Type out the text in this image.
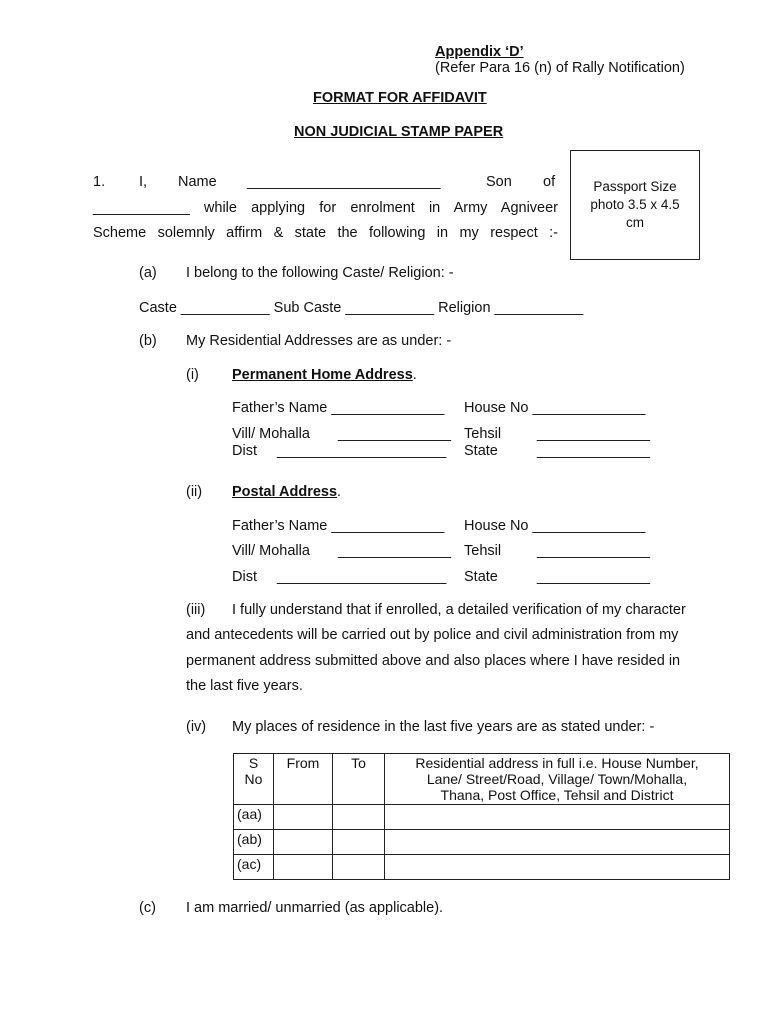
Appendix ‘D’
(Refer Para 16 (n) of Rally Notification)
FORMAT FOR AFFIDAVIT
NON JUDICIAL STAMP PAPER
Passport Size
photo 3.5 x 4.5
cm
1. I, Name ________________________	Son of
____________ while applying for enrolment in Army Agniveer
Scheme solemnly affirm & state the following in my respect :-
(a) I belong to the following Caste/ Religion: -
Caste ___________ Sub Caste ___________ Religion ___________
(b) My Residential Addresses are as under: -
(i) Permanent Home Address.
Father’s Name ______________ House No ______________
Vill/ Mohalla ______________ Tehsil ______________
Dist _____________________ State	______________
(ii) Postal Address.
Father’s Name ______________ House No ______________
Vill/ Mohalla ______________ Tehsil ______________
Dist _____________________ State	______________
(iii) I fully understand that if enrolled, a detailed verification of my character
and antecedents will be carried out by police and civil administration from my
permanent address submitted above and also places where I have resided in
the last five years.
(iv) My places of residence in the last five years are as stated under: -
S
No	From	To	Residential address in full i.e. House Number,
Lane/ Street/Road, Village/ Town/Mohalla,
Thana, Post Office, Tehsil and District
(aa)			
(ab)			
(ac)			
(c) I am married/ unmarried (as applicable).
